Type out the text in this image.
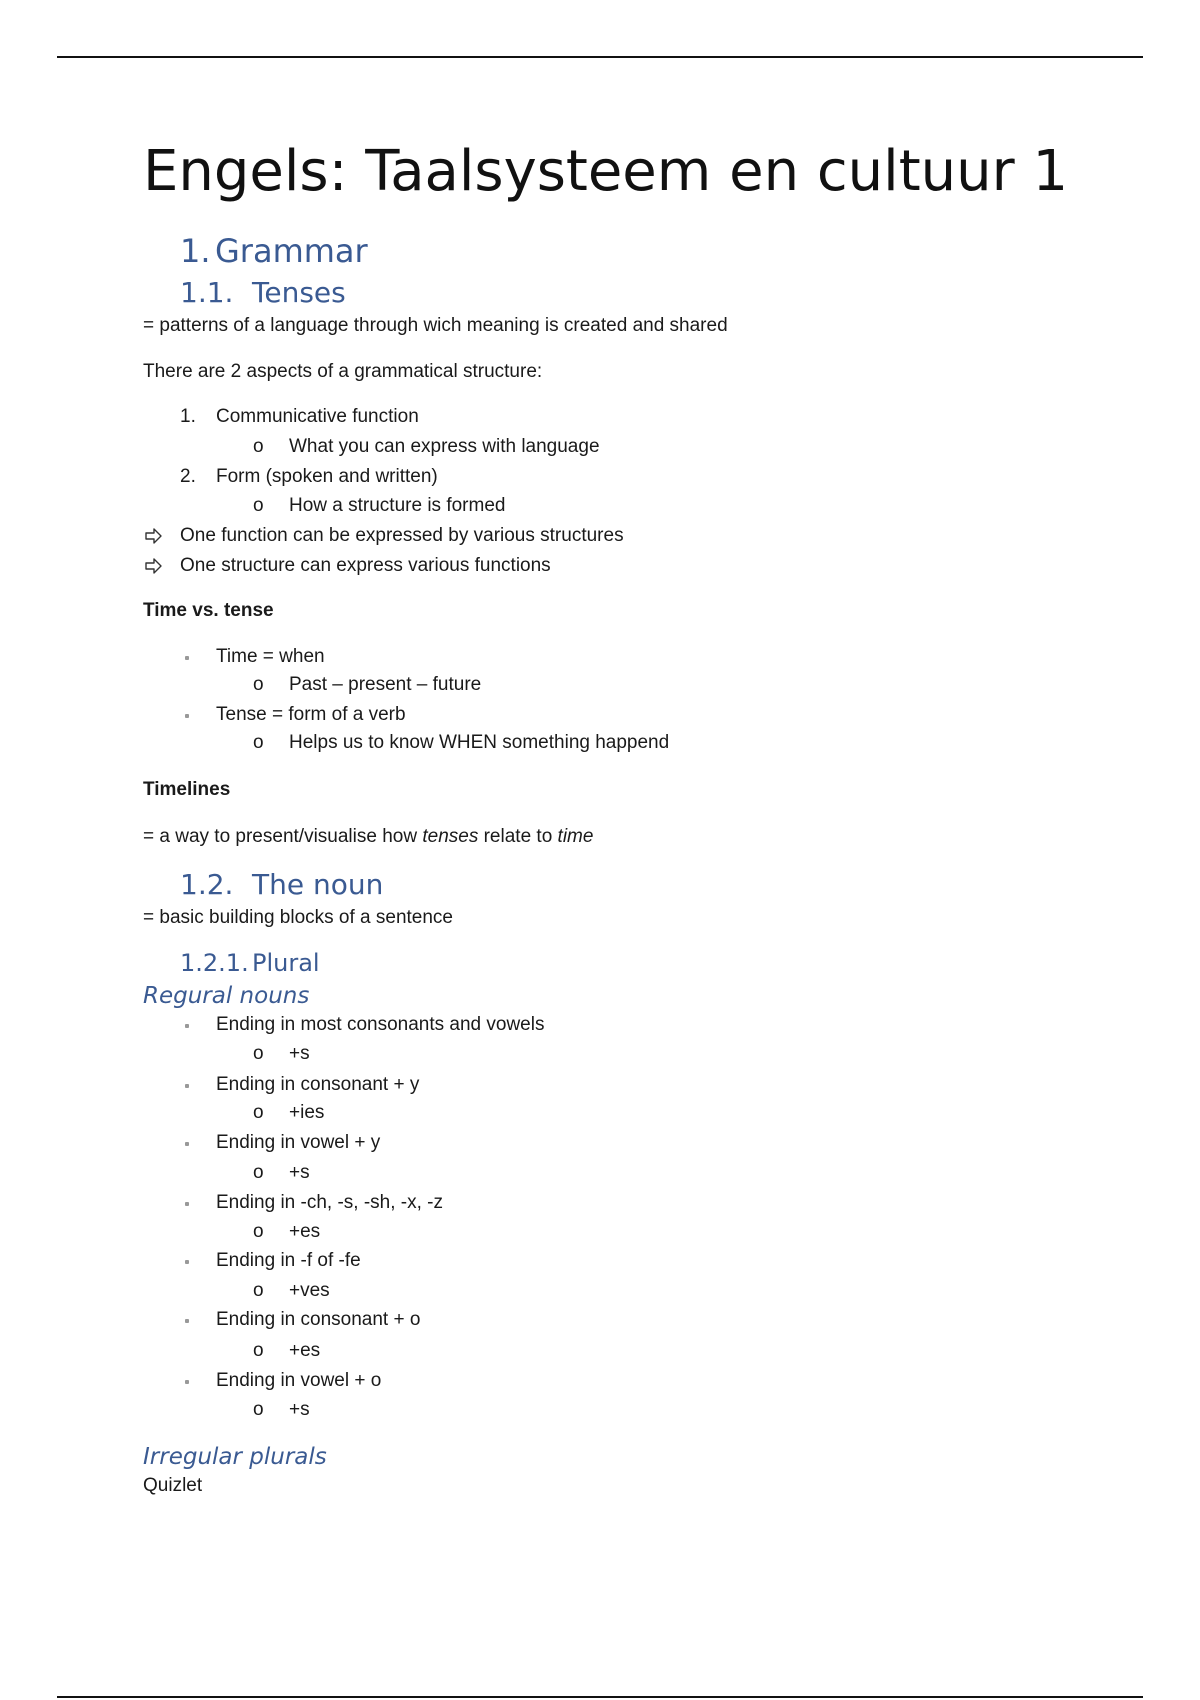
Engels: Taalsysteem en cultuur 1
1. Grammar
1.1. Tenses
= patterns of a language through wich meaning is created and shared
There are 2 aspects of a grammatical structure:
1. Communicative function
o What you can express with language
2. Form (spoken and written)
o How a structure is formed
One function can be expressed by various structures
One structure can express various functions
Time vs. tense
Time = when
o Past – present – future
Tense = form of a verb
o Helps us to know WHEN something happend
Timelines
= a way to present/visualise how tenses relate to time
1.2. The noun
= basic building blocks of a sentence
1.2.1. Plural
Regural nouns
Ending in most consonants and vowels
o +s
Ending in consonant + y
o +ies
Ending in vowel + y
o +s
Ending in -ch, -s, -sh, -x, -z
o +es
Ending in -f of -fe
o +ves
Ending in consonant + o
o +es
Ending in vowel + o
o +s
Irregular plurals
Quizlet
